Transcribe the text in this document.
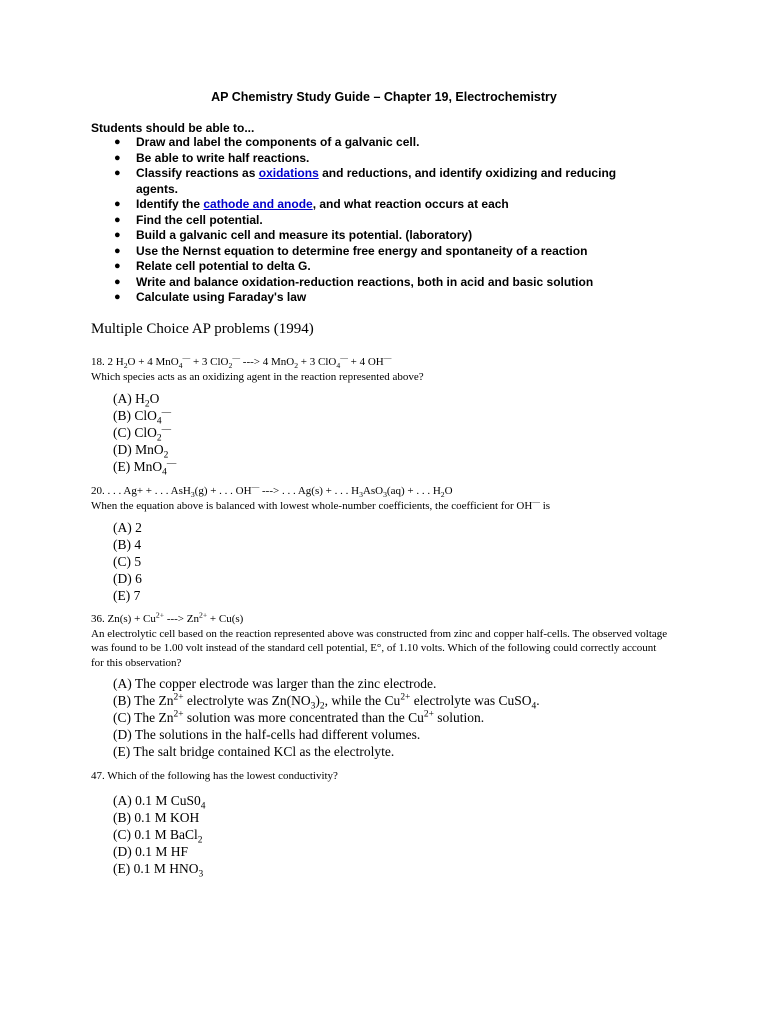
AP Chemistry Study Guide – Chapter 19, Electrochemistry
Students should be able to...
● Draw and label the components of a galvanic cell.
● Be able to write half reactions.
● Classify reactions as oxidations and reductions, and identify oxidizing and reducing agents.
● Identify the cathode and anode, and what reaction occurs at each
● Find the cell potential.
● Build a galvanic cell and measure its potential. (laboratory)
● Use the Nernst equation to determine free energy and spontaneity of a reaction
● Relate cell potential to delta G.
● Write and balance oxidation-reduction reactions, both in acid and basic solution
● Calculate using Faraday's law
Multiple Choice AP problems (1994)
18. 2 $H_2O + 4$ MnO$_4$— + 3 ClO$_2$— ---> 4 MnO$_2$ + 3 ClO$_4$— + 4 OH—
Which species acts as an oxidizing agent in the reaction represented above?
(A) $H_2O$
(B) ClO$_4$—
(C) ClO$_2$—
(D) MnO$_2$
(E) MnO$_4$—
20. . . . Ag+ + . . . AsH$_3$(g) + . . . OH— ---> . . . Ag(s) + . . . $H_3AsO_3(aq)$ + . . . $H_2O$
When the equation above is balanced with lowest whole-number coefficients, the coefficient for OH— is
(A) 2
(B) 4
(C) 5
(D) 6
(E) 7
36. $Zn(s) + Cu^{2+}$ ---> $Zn^{2+} + Cu(s)$
An electrolytic cell based on the reaction represented above was constructed from zinc and copper half-cells. The observed voltage was found to be 1.00 volt instead of the standard cell potential, E°, of 1.10 volts. Which of the following could correctly account for this observation?
(A) The copper electrode was larger than the zinc electrode.
(B) The $Zn^{2+}$ electrolyte was $Zn(NO_3)_2$, while the $Cu^{2+}$ electrolyte was CuSO$_4$.
(C) The $Zn^{2+}$ solution was more concentrated than the $Cu^{2+}$ solution.
(D) The solutions in the half-cells had different volumes.
(E) The salt bridge contained KCl as the electrolyte.
47. Which of the following has the lowest conductivity?
(A) 0.1 M $CuS0_4$
(B) 0.1 M KOH
(C) 0.1 M BaCl$_2$
(D) 0.1 M HF
(E) 0.1 M $HNO_3$
